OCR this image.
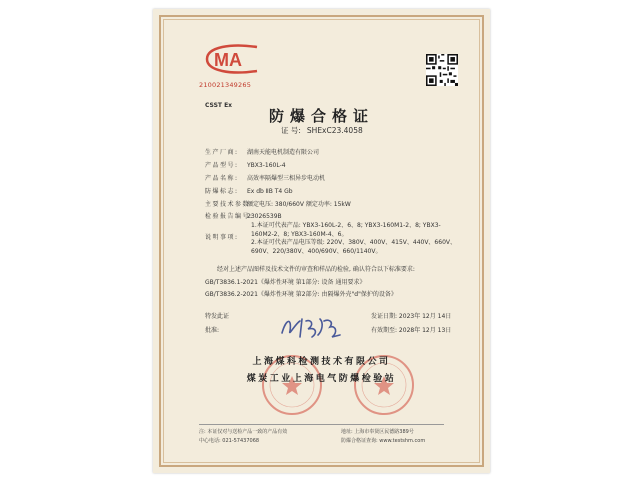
MA
210021349265
CSST Ex
防爆合格证
证 号: SHExC23.4058
生产厂商: 湖南天能电机制造有限公司
产品型号: YBX3-160L-4
产品名称: 高效率隔爆型三相异步电动机
防爆标志: Ex db ⅡB T4 Gb
主要技术参数:额定电压: 380/660V 额定功率: 15kW
检验报告编号:23026539B
说明事项:
1.本证可代表产品: YBX3-160L-2、6、8; YBX3-160M1-2、8; YBX3-
160M2-2、8; YBX3-160M-4、6。
2.本证可代表产品电压等级: 220V、380V、400V、415V、440V、660V、
690V、220/380V、400/690V、660/1140V。
经对上述产品图样及技术文件的审查和样品的检验, 确认符合以下标准要求:
GB/T3836.1-2021《爆炸性环境 第1部分: 设备 通用要求》
GB/T3836.2-2021《爆炸性环境 第2部分: 由隔爆外壳"d"保护的设备》
特发此证
批准:
发证日期: 2023年 12月 14日
有效期至: 2028年 12月 13日
上海煤科检测技术有限公司
煤炭工业上海电气防爆检验站
注: 本证仅对与送检产品一致的产品有效
中心电话: 021-57437068
地址: 上海市奉贤区民德路389号
防爆合格证查询: www.testshm.com
